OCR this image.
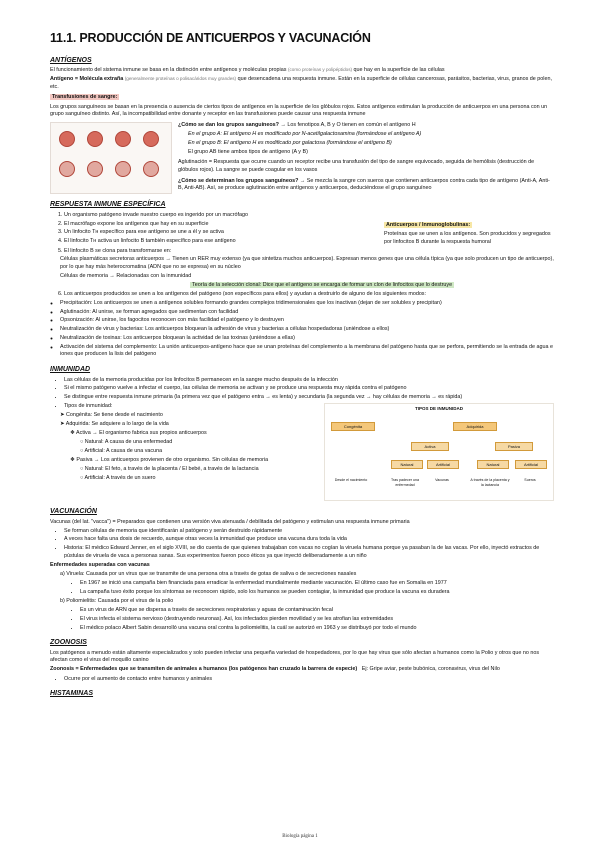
11.1. PRODUCCIÓN DE ANTICUERPOS Y VACUNACIÓN
ANTÍGENOS

El funcionamiento del sistema inmune se basa en la distinción entre antígenos y moléculas propias (como proteínas y polipéptidos) que hay en la superficie de las células

Antígeno = Molécula extraña (generalmente proteínas o polisacáridos muy grandes) que desencadena una respuesta inmune. Están en la superficie de células cancerosas, parásitos, bacterias, virus, granos de polen, etc.

Transfusiones de sangre:

Los grupos sanguíneos se basan en la presencia o ausencia de ciertos tipos de antígenos en la superficie de los glóbulos rojos. Estos antígenos estimulan la producción de anticuerpos en una persona con un grupo sanguíneo distinto. Así, la incompatibilidad entre donante y receptor en las transfusiones puede causar una respuesta inmune

¿Cómo se dan los grupos sanguíneos? → Los fenotipos A, B y O tienen en común el antígeno H

En el grupo A: El antígeno H es modificado por N-acetilgalactosamina (formándose el antígeno A)

En el grupo B: El antígeno H es modificado por galactosa (formándose el antígeno B)

El grupo AB tiene ambos tipos de antígeno (A y B)

Aglutinación = Respuesta que ocurre cuando un receptor recibe una transfusión del tipo de sangre equivocado, seguida de hemólisis (destrucción de glóbulos rojos). La sangre se puede coagular en los vasos

¿Cómo se determinan los grupos sanguíneos? → Se mezcla la sangre con sueros que contienen anticuerpos contra cada tipo de antígeno (Anti-A, Anti-B, Anti-AB). Así, se produce aglutinación entre antígenos y anticuerpos, deduciéndose el grupo sanguíneo

RESPUESTA INMUNE ESPECÍFICA
1. Un organismo patógeno invade nuestro cuerpo es ingerido por un macrófago
2. El macrófago expone los antígenos que hay en su superficie
3. Un linfocito Tн específico para ese antígeno se une a él y se activa
4. El linfocito Tн activa un linfocito B también específico para ese antígeno

Anticuerpos / Inmunoglobulinas:

Proteínas que se unen a los antígenos. Son producidos y segregados por linfocitos B durante la respuesta humoral

5. El linfocito B se clona para transformarse en:

Células plasmáticas secretoras anticuerpos → Tienen un RER muy extenso (ya que sintetiza muchos anticuerpos). Expresan menos genes que una célula típica (ya que solo producen un tipo de anticuerpo), por lo que hay más heterocromatina (ADN que no se expresa) en su núcleo

Células de memoria → Relacionadas con la inmunidad

Teoría de la selección clonal: Dice que el antígeno se encarga de formar un clon de linfocitos que lo destruye

6. Los anticuerpos producidos se unen a los antígenos del patógeno (son específicos para ellos) y ayudan a destruirlo de alguno de los siguientes modos:
◦ Precipitación: Los anticuerpos se unen a antígenos solubles formando grandes complejos tridimensionales que los inactivan (dejan de ser solubles y precipitan)
◦ Aglutinación: Al unirse, se forman agregados que sedimentan con facilidad
◦ Opsonización: Al unirse, los fagocitos reconocen con más facilidad el patógeno y lo destruyen
◦ Neutralización de virus y bacterias: Los anticuerpos bloquean la adhesión de virus y bacterias a células hospedadoras (uniéndose a ellos)
◦ Neutralización de toxinas: Los anticuerpos bloquean la actividad de las toxinas (uniéndose a ellas)
◦ Activación del sistema del complemento: La unión anticuerpos-antígeno hace que se unan proteínas del complemento a la membrana del patógeno hasta que se perfora, permitiendo se la entrada de agua e iones que producen la lisis del patógeno
INMUNIDAD
• Las células de la memoria producidas por los linfocitos B permanecen en la sangre mucho después de la infección
• Si el mismo patógeno vuelve a infectar el cuerpo, las células de memoria se activan y se produce una respuesta muy rápida contra el patógeno
• Se distingue entre respuesta inmune primaria (la primera vez que el patógeno entra → es lenta) y secundaria (la segunda vez → hay células de memoria → es rápida)
• Tipos de inmunidad:

➤ Congénita: Se tiene desde el nacimiento

➤ Adquirida: Se adquiere a lo largo de la vida

❖ Activa → El organismo fabrica sus propios anticuerpos

○ Natural: A causa de una enfermedad

○ Artificial: A causa de una vacuna

❖ Pasiva → Los anticuerpos provienen de otro organismo. Sin células de memoria

○ Natural: El feto, a través de la placenta / El bebé, a través de la lactancia

○ Artificial: A través de un suero

TIPOS DE INMUNIDAD
Congénita	Adquirida
Activa	Pasiva
Natural	Artificial	Natural	Artificial
Desde el nacimiento	Tras padecer una enfermedad
Vacunas	A través de la placenta y la lactancia
Sueros
VACUNACIÓN

Vacunas (del lat. "vacca") = Preparados que contienen una versión viva atenuada / debilitada del patógeno y estimulan una respuesta inmune primaria

• Se forman células de memoria que identificarán al patógeno y serán destruido rápidamente
• A veces hace falta una dosis de recuerdo, aunque otras veces la inmunidad que produce una vacuna dura toda la vida
• Historia: El médico Edward Jenner, en el siglo XVIII, se dio cuenta de que quienes trabajaban con vacas no cogían la viruela humana porque ya pasaban la de las vacas. Por ello, inyectó extractos de pústulas de viruela de vaca a personas sanas. Sus experimentos fueron poco éticos ya que inyectó deliberadamente a un niño

Enfermedades superadas con vacunas

a) Viruela: Causada por un virus que se transmite de una persona otra a través de gotas de saliva o de secreciones nasales

• En 1967 se inició una campaña bien financiada para erradicar la enfermedad mundialmente mediante vacunación. El último caso fue en Somalia en 1977
• La campaña tuvo éxito porque los síntomas se reconocen rápido, solo los humanos se pueden contagiar, la inmunidad que produce la vacuna es duradera

b) Poliomielitis: Causada por el virus de la polio

• Es un virus de ARN que se dispersa a través de secreciones respiratorias y aguas de contaminación fecal
• El virus infecta el sistema nervioso (destruyendo neuronas). Así, los infectados pierden movilidad y se les atrofian las extremidades
• El médico polaco Albert Sabin desarrolló una vacuna oral contra la poliomielitis, la cuál se autorizó en 1963 y se distribuyó por todo el mundo
ZOONOSIS

Los patógenos a menudo están altamente especializados y solo pueden infectar una pequeña variedad de hospedadores, por lo que hay virus que sólo afectan a humanos como la Polio y otros que no nos afectan como el virus del moquillo canino

Zoonosis = Enfermedades que se transmiten de animales a humanos (los patógenos han cruzado la barrera de especie) Ej: Gripe aviar, peste bubónica, coronavirus, virus del Nilo

• Ocurre por el aumento de contacto entre humanos y animales
HISTAMINAS
Biología página 1
